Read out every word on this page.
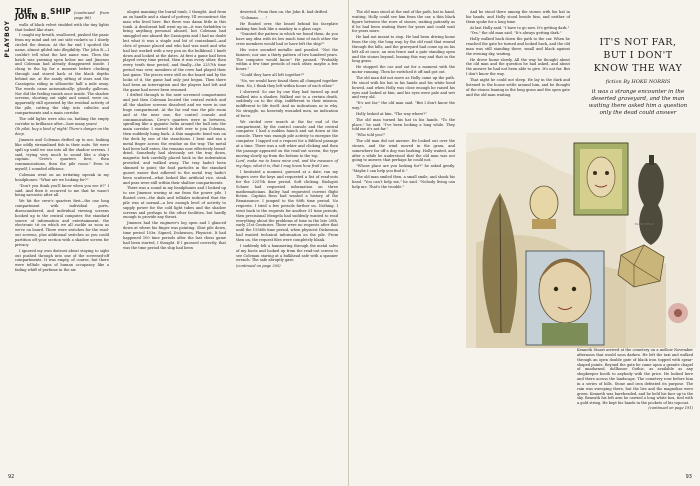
PLAYBOY
THE SHIP JOHN B.	(continued from page 86)

walls of black velvet studded with the tiny lights that looked like stars.

I caught my breath, swallowed, pushed the panic from my mind and set out side rockets so I slowly circled the demon. At the far end I spotted the name, almost gilded into illegibility: The John B.—I couldn't tell what the last name was. Then the hatch was yawning open below me and Jimenez and Coleman had already disappeared inside. I clung to the lip for a moment before clucking through and stared back at the black depths behind me, at the sandy sifting of stars and the Cassiopeia riding in silhouette half a mile away. The words came automatically: ghostly galleons. Nor did the feeling vanish once inside. The shadow screens, shorting out sight and sound, were on, apparently still operated by the residual activity of the pile, cutting the ship into cubicles and compartments and a main corridor.

The odd lights were also on, bathing the empty corridor in brilliance after—how many years!

Oh pilot, buy a kind of night! There's danger on the deep.

Jimenez and Coleman drifted up to me, looking like oddly streamlined fish in their suits. We were spilt up until we ran into all the shadow screens. I said, trying very much to sound like a ship's captain. "Crew's quarters first, then communications, then the pile room." Even to myself, I sounded officious.

Coleman went on an irritating squeak in my headphones: "What are we looking for?"

"Don't you think you'll know when you see it?" I said. And then it occurred to me that he wasn't being sarcastic after all.

We hit the crew's quarters first—the one long compartment with individual ports, disencumbered, and individual viewing screens hooked up to the central computer, the standard source of information and entertainment, the electronic tit on which we all suckle as soon as we're on board. There were switches for the read-out screens, plus additional switches so you could partition off your section with a shadow screen for privacy.

I ignored my own distrust about staying to sight out pushed through into one of the screened-off compartments. It was empty, of course, but there were telltale signs of human occupancy like a fading whiff of perfume in the air.

ulogist manning the burial tomb, I thought. And from an ox handle and a shard of pottery, I'll reconstruct the man who lived here. But there was damn little in this tomb. A deodorant ball went up on—it was forbidden to bring anything personal aboard, but Coleman had smuggled one aboard the Cassiopeia and I had no doubt but what it was a staple and bit of contraband—and clots of grease placed and who had was used and who had last worked with a wry pen on the bulkhead. I knelt down and looked at the dates. At first a game had been played every time period, then it was every other, then every tenth time period, and finally—the 2257th time period was over, members of the crew had played their last game. The pieces were still on the board and by the looks of it, the game had only just begun. Then there had been an interruption and the players had left and the game had never been resumed.

I drifted through to the next screened compartment and just then Coleman located the central switch and all the shadow screens dissolved and we were in one huge compartment. At the far end was the pile room and at the near one, the control console and communications. Crew's quarters were in between, spiralling like a gigantic helix around the hull into the main corridor. I started to drift over to join Coleman, then suddenly hung back. A thin magnetic bond was on the deck by one of the stanchions. I bent and ran a metal finger across the residue on the tray. The metal had been half eaten, the remains now effectively bread-dried. Somebody had obviously set the tray down, magnetic fork carefully placed back in the indentation provided, and walked away. The tray hadn't been slimmed to point; the food particles in the standard gusset easier that adhered to the metal tray hadn't been scattered—what looked like artificial rice, steak and peas were still within their shallow compartments.

There was a sound in my headphones and I looked up to see Jimenez waving at me from the power pile. I floated over—the dials and telltales indicated that the pile was at normal—a low enough level of activity to supply power for the cold light tubes and the shadow screens and perhaps to the other facilities, but hardly enough to provide any thrust.

Jimenez had the engineer's log open and I glanced down at where his finger was pointing. Shut pile down, time period 103x. Signed, Dickenson, Physicist. It had happened 100 time periods after the last chess game had been started, I thought. If I guessed correctly, that was the time period the ship had been

deserted. From then on, the John B. had drifted.

"Coleman. . . ."

He floated over, the beard behind his faceplate making him look like a monkey in a glass cage.

"Granted the pattern in which we found them, do you have any idea with its low much time of each other the crew members would had or have left the ship?"

His voice sounded metallic and puzzled. "Not the faintest, nor one a thirty pattern of two hundred years. The computer would know." He paused. "Probably within a few time periods of each other, maybe a few hours."

"Could they have all left together?"

"No, we would have found them all clumped together then. No, I think they left within hours of each other."

I shivered. So one by one they had turned up and walked into a shadow. Walked out to a certain death, suddenly on to the ship, indifferent to their mission, indifferent to life itself. And no indications as to why. No struggle, no heavenly wounded men, no indication of force.

We circled over search at the far end of the compartment, by the control console and the central computer. I had a sudden hunch and sat down at the console. There was enough pile activity to energize the computer. I tapped out a request for a Biblical passage at a time. There was a soft whirr and clicking and then the passage appeared on the read-out screen, the type moving slowly up from the bottom to the top.

Lord, make me to know mine end, and the measure of my days, what it is; that I may know how frail I am.

I hesitated a moment, guessed at a date, ran my fingers over the keys and requested a list of read-outs for the 2257th time period. Soft clicking. Biologist Schner had requested information on three mathematicians. Bailey had requested current flight fiction. Captain Ross had wanted a history of the Renaissance. I jumped to the 88th time period. No requests. I tried a few periods further on. Nothing. I went back to the requests for another 31 time periods, then precisional Mengela had suddenly wanted to read everything about the problems of time in the late 20th, early 21st Centuries. There were no requests after that until the 1936th time period, when physicist Dickenson had wanted technical information on the pile. From then on, the request files were completely blank.

I suddenly felt a hammering through the metal soles of my boots and looked up from the read-out screen to see Coleman staring at a bulkhead safe with a spanner wrench. The safe abruptly gave

(continued on page 200)

92

The old man stood at the end of the path, hat in hand, waiting. Holly could see him from the car, a thin black figure between the rows of stones, waiting patiently as if he had been waiting there for years and could wait for years more.

He had not meant to stop. He had been driving home from the city, the long way, by the old road that wound through the hills, and the graveyard had come up on his left all at once, an iron fence and a gate standing open and the stones beyond, leaning this way and that in the long grass.

He stopped the car and sat for a moment with the motor running. Then he switched it off and got out.

The old man did not move as Holly came up the path. He stood with his hat in his hands and his white head bowed, and when Holly was close enough he raised his eyes and looked at him, and his eyes were pale and wet and very old.

"It's not far," the old man said. "But I don't know the way."

Holly looked at him. "The way where?"

The old man turned his hat in his hands. "To the place," he said. "I've been looking a long while. They told me it's not far."

"Who told you?"

The old man did not answer. He looked out over the stones, and the wind moved in the grass, and somewhere far off a dog was barking. Holly waited, and after a while he understood that the old man was not going to answer, that perhaps he could not.

"Whose place are you looking for?" he asked gently. "Maybe I can help you find it."

The old man smiled then, a small smile, and shook his head. "You can't help me," he said. "Nobody living can help me. That's the trouble."

And he stood there among the stones with his hat in his hands, and Holly stood beside him, and neither of them spoke for a long time.

At last Holly said, "I have to go now. It's getting dark."

"Yes," the old man said. "It's always getting dark."

Holly walked back down the path to the car. When he reached the gate he turned and looked back, and the old man was still standing there, small and black against the evening sky, waiting.

He drove home slowly. All the way he thought about the old man and the question he had asked, and about the answer he had not been able to give. It's not far. But I don't know the way.

That night he could not sleep. He lay in the dark and listened to the house settle around him, and he thought of the stones leaning in the long grass and the open gate and the old man waiting.

IT'S NOT FAR,
BUT I DON'T
KNOW THE WAY
fiction By HOKE NORRIS
it was a strange encounter in the deserted graveyard, and the man waiting there asked him a question only the dead could answer
BARRY DELAY

Kenneth Stuart arrived at the cemetery on a mellow November afternoon that would soon darken. He left the taxi and walked through an open double gate of black iron topped with spear-shaped points. Beyond the gate he came upon a granite chapel of unadorned, dollhouse Gothic, as available as any shopkeeper booth to anybody with the price. He looked here and there across the landscape. The cemetery rose before him in a series of hills. Stone and iron defeated its purpose. The rain was sweeping there, but the lies and the magnolias were green. Kenneth was bareheaded, and he held his face up to the sky. Beneath his left arm he carried a long white box, tied with a gold string. He kept his hands in the pockets of his topcoat.

(continued on page 191)

93
